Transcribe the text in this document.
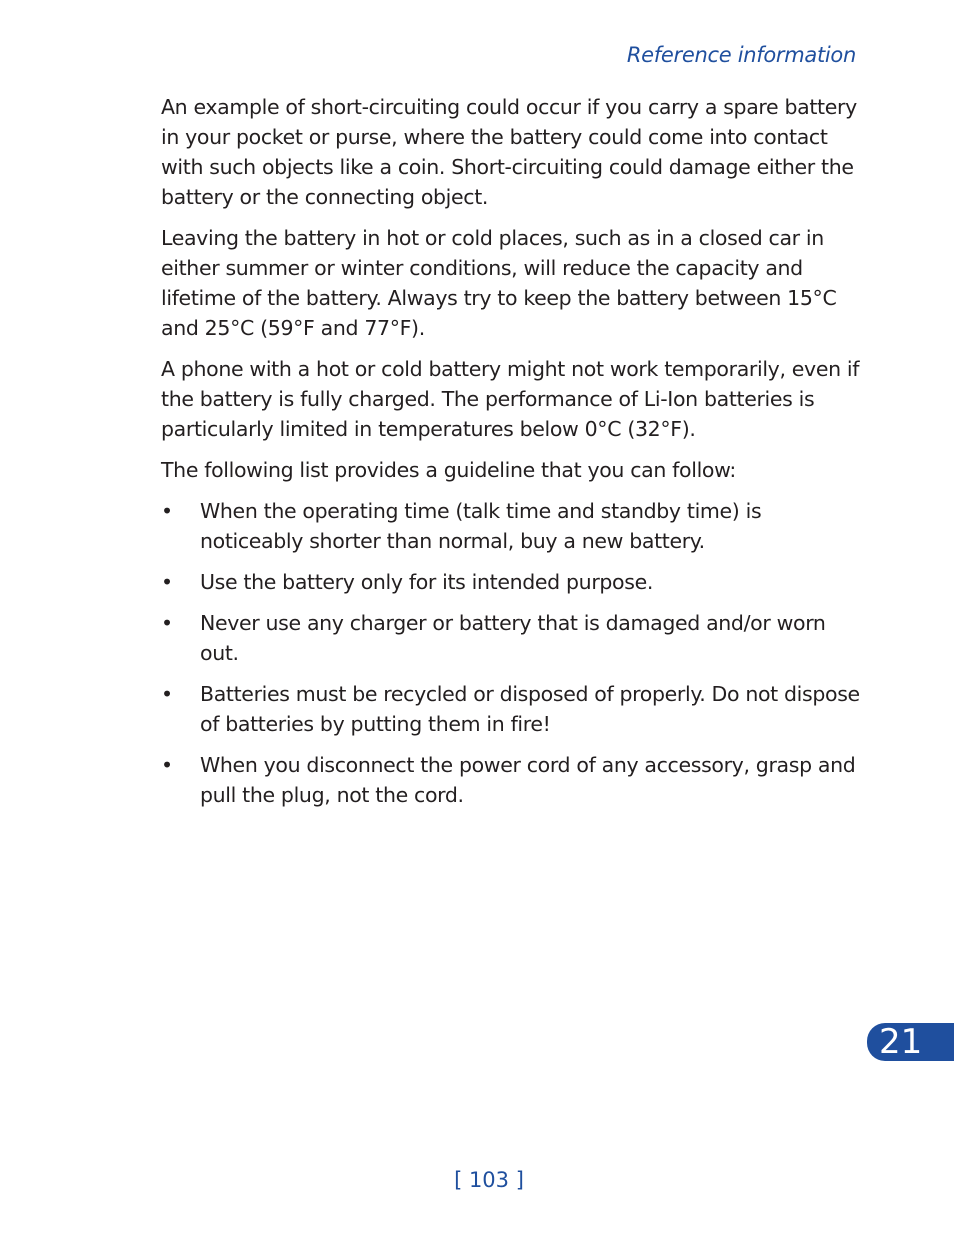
Reference information

An example of short-circuiting could occur if you carry a spare battery in your pocket or purse, where the battery could come into contact with such objects like a coin. Short-circuiting could damage either the battery or the connecting object.

Leaving the battery in hot or cold places, such as in a closed car in either summer or winter conditions, will reduce the capacity and lifetime of the battery. Always try to keep the battery between 15°C and 25°C (59°F and 77°F).

A phone with a hot or cold battery might not work temporarily, even if the battery is fully charged. The performance of Li-Ion batteries is particularly limited in temperatures below 0°C (32°F).

The following list provides a guideline that you can follow:

• When the operating time (talk time and standby time) is noticeably shorter than normal, buy a new battery.
• Use the battery only for its intended purpose.
• Never use any charger or battery that is damaged and/or worn out.
• Batteries must be recycled or disposed of properly. Do not dispose of batteries by putting them in fire!
• When you disconnect the power cord of any accessory, grasp and pull the plug, not the cord.
21
[ 103 ]
